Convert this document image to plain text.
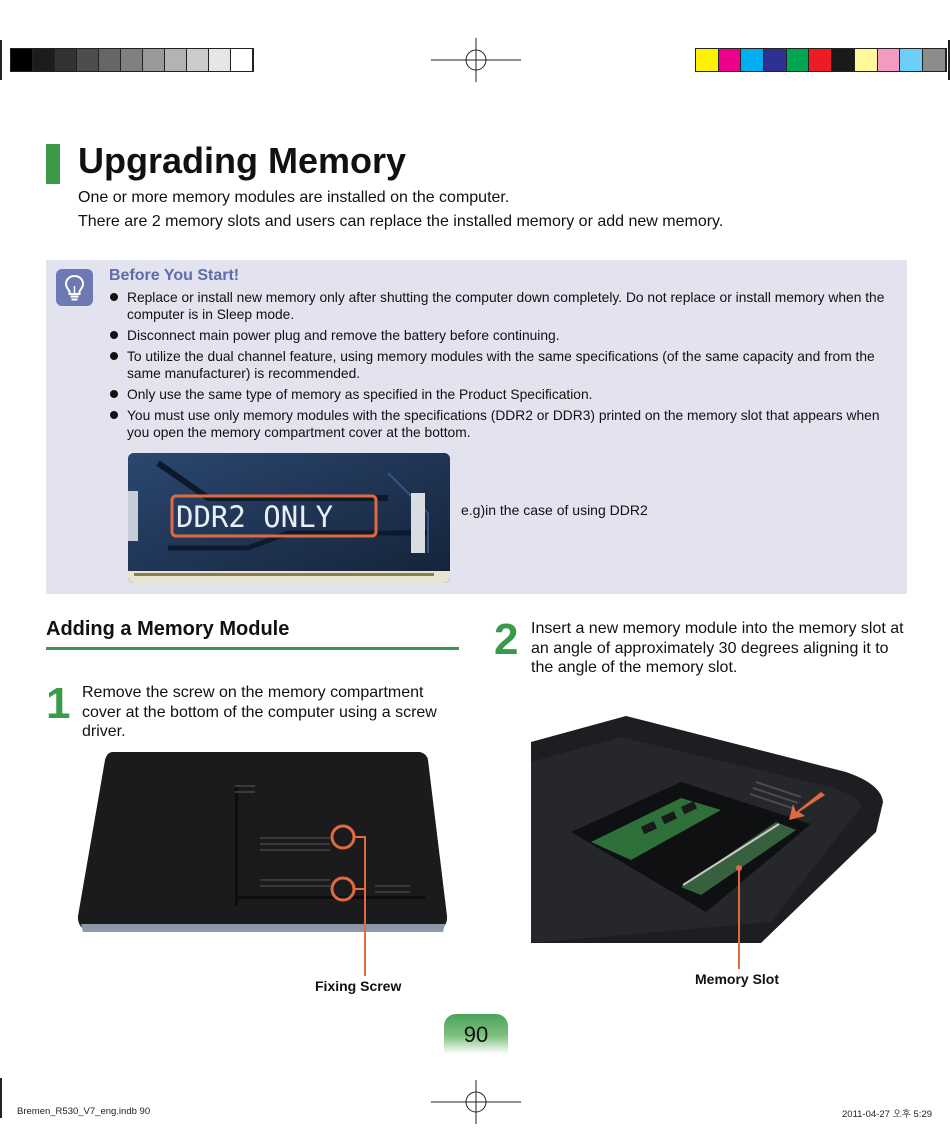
Upgrading Memory
One or more memory modules are installed on the computer.
There are 2 memory slots and users can replace the installed memory or add new memory.
Before You Start!
Replace or install new memory only after shutting the computer down completely. Do not replace or install memory when the computer is in Sleep mode.
Disconnect main power plug and remove the battery before continuing.
To utilize the dual channel feature, using memory modules with the same specifications (of the same capacity and from the same manufacturer) is recommended.
Only use the same type of memory as specified in the Product Specification.
You must use only memory modules with the specifications (DDR2 or DDR3) printed on the memory slot that appears when you open the memory compartment cover at the bottom.
DDR2 ONLY	e.g)in the case of using DDR2
Adding a Memory Module
1 Remove the screw on the memory compartment cover at the bottom of the computer using a screw driver.
Fixing Screw
2 Insert a new memory module into the memory slot at an angle of approximately 30 degrees aligning it to the angle of the memory slot.
Memory Slot
90
Bremen_R530_V7_eng.indb 90	2011-04-27 오후 5:29
